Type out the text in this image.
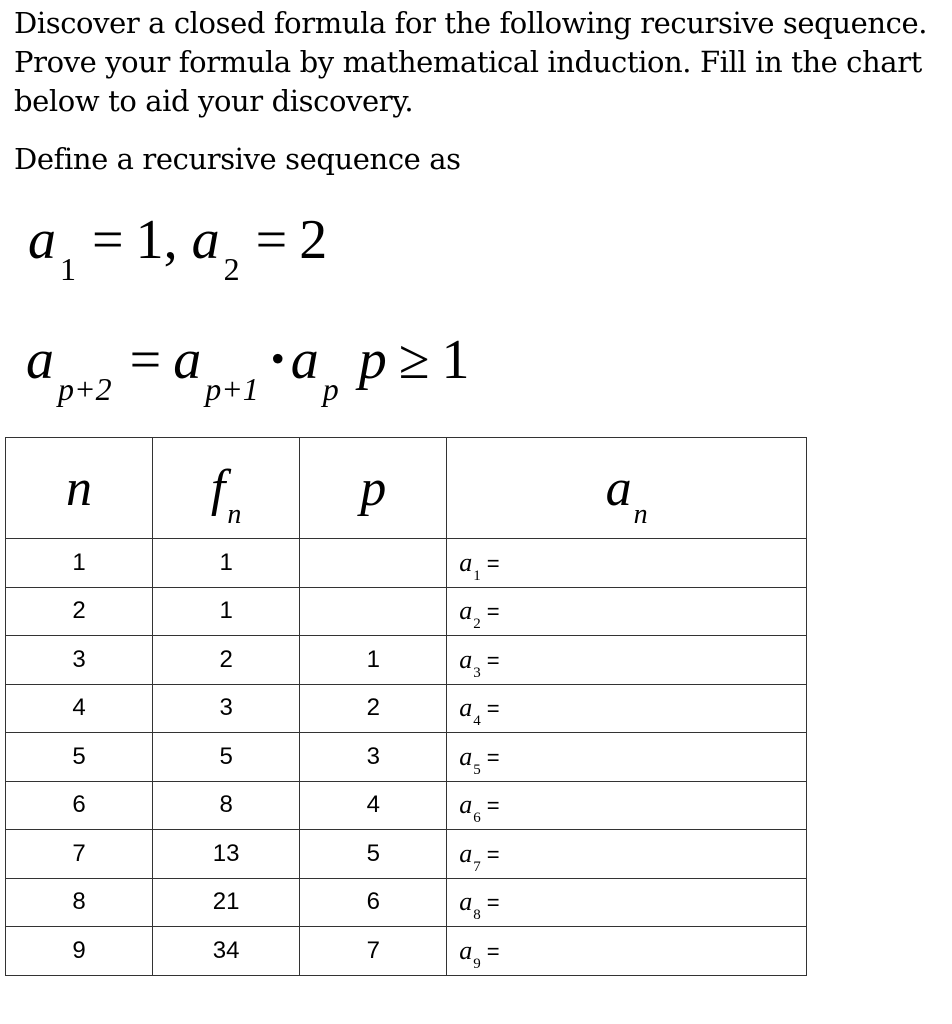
Discover a closed formula for the following recursive sequence.

Prove your formula by mathematical induction. Fill in the chart

below to aid your discovery.

Define a recursive sequence as
a $_1$ = 1, a $_2$ = 2
a $_{p+2}$ = a $_{p+1}$• a $_p$ p ≥ 1
n	$f_n$	p	$a_n$
1	1		$a_1$ =
2	1		$a_2$ =
3	2	1	$a_3$ =
4	3	2	$a_4$ =
5	5	3	$a_5$ =
6	8	4	$a_6$ =
7	13	5	$a_7$ =
8	21	6	$a_8$ =
9	34	7	$a_9$ =
